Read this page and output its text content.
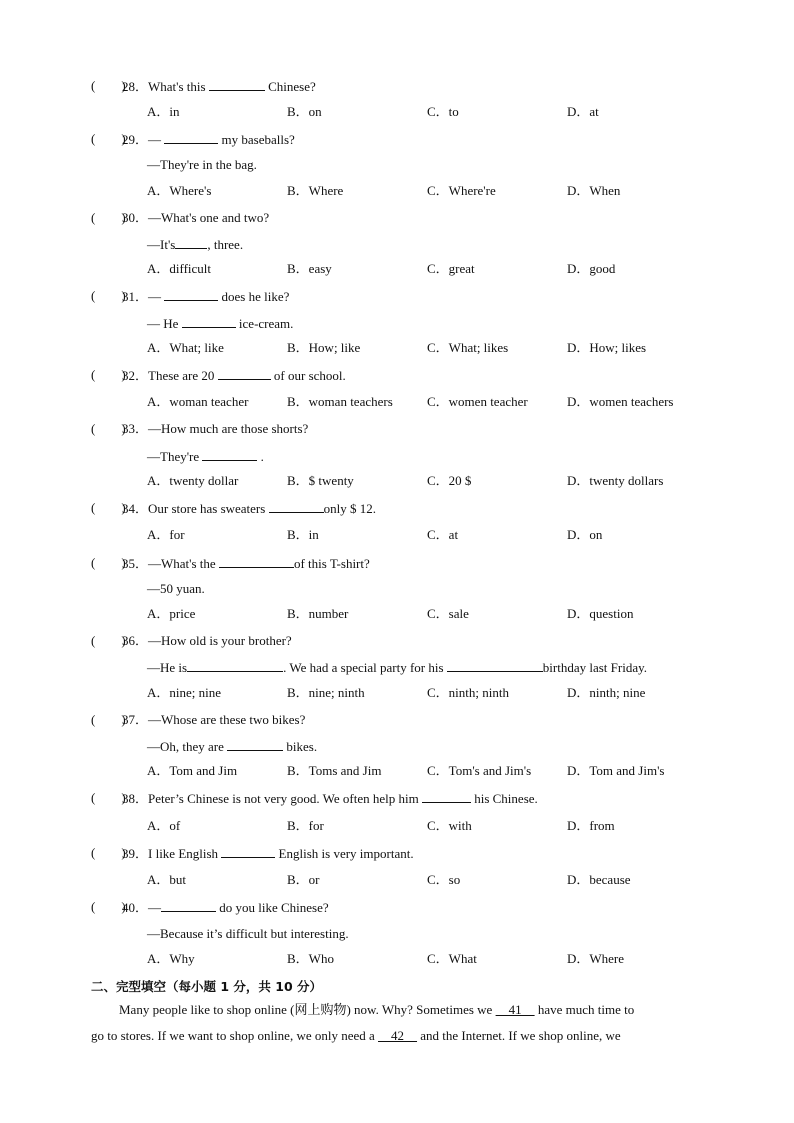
(        )
28．What's this	Chinese?
A．in	B．on	C．to	D．at
(        )
29．—	my baseballs?
—They're in the bag.
A．Where's	B．Where	C．Where're	D．When
(        )
30．—What's one and two?
—It's , three.
A．difficult	B．easy	C．great	D．good
(        )
31．—	does he like?
— He	ice-cream.
A．What; like	B．How; like	C．What; likes	D．How; likes
(        )
32．These are 20	of our school.
A．woman teacher	B．woman teachers	C．women teacher	D．women teachers
(        )
33．—How much are those shorts?
—They're	.
A．twenty dollar	B．$ twenty	C．20 $	D．twenty dollars
(        )
34．Our store has sweaters	only $ 12.
A．for	B．in	C．at	D．on
(        )
35．—What's the	of this T-shirt?
—50 yuan.
A．price	B．number	C．sale	D．question
(        )
36．—How old is your brother?
—He is	. We had a special party for his	birthday last Friday.
A．nine; nine	B．nine; ninth	C．ninth; ninth	D．ninth; nine
(        )
37．—Whose are these two bikes?
—Oh, they are	bikes.
A．Tom and Jim	B．Toms and Jim	C．Tom's and Jim's	D．Tom and Jim's
(        )
38．Peter’s Chinese is not very good. We often help him	his Chinese.
A．of	B．for	C．with	D．from
(        )
39．I like English	English is very important.
A．but	B．or	C．so	D．because
(        )
40．—	do you like Chinese?
—Because it’s difficult but interesting.
A．Why	B．Who	C．What	D．Where
二、完型填空（每小题 1 分，共 10 分）
Many people like to shop online (网上购物) now. Why? Sometimes we     41     have much time to
go to stores. If we want to shop online, we only need a     42     and the Internet. If we shop online, we
